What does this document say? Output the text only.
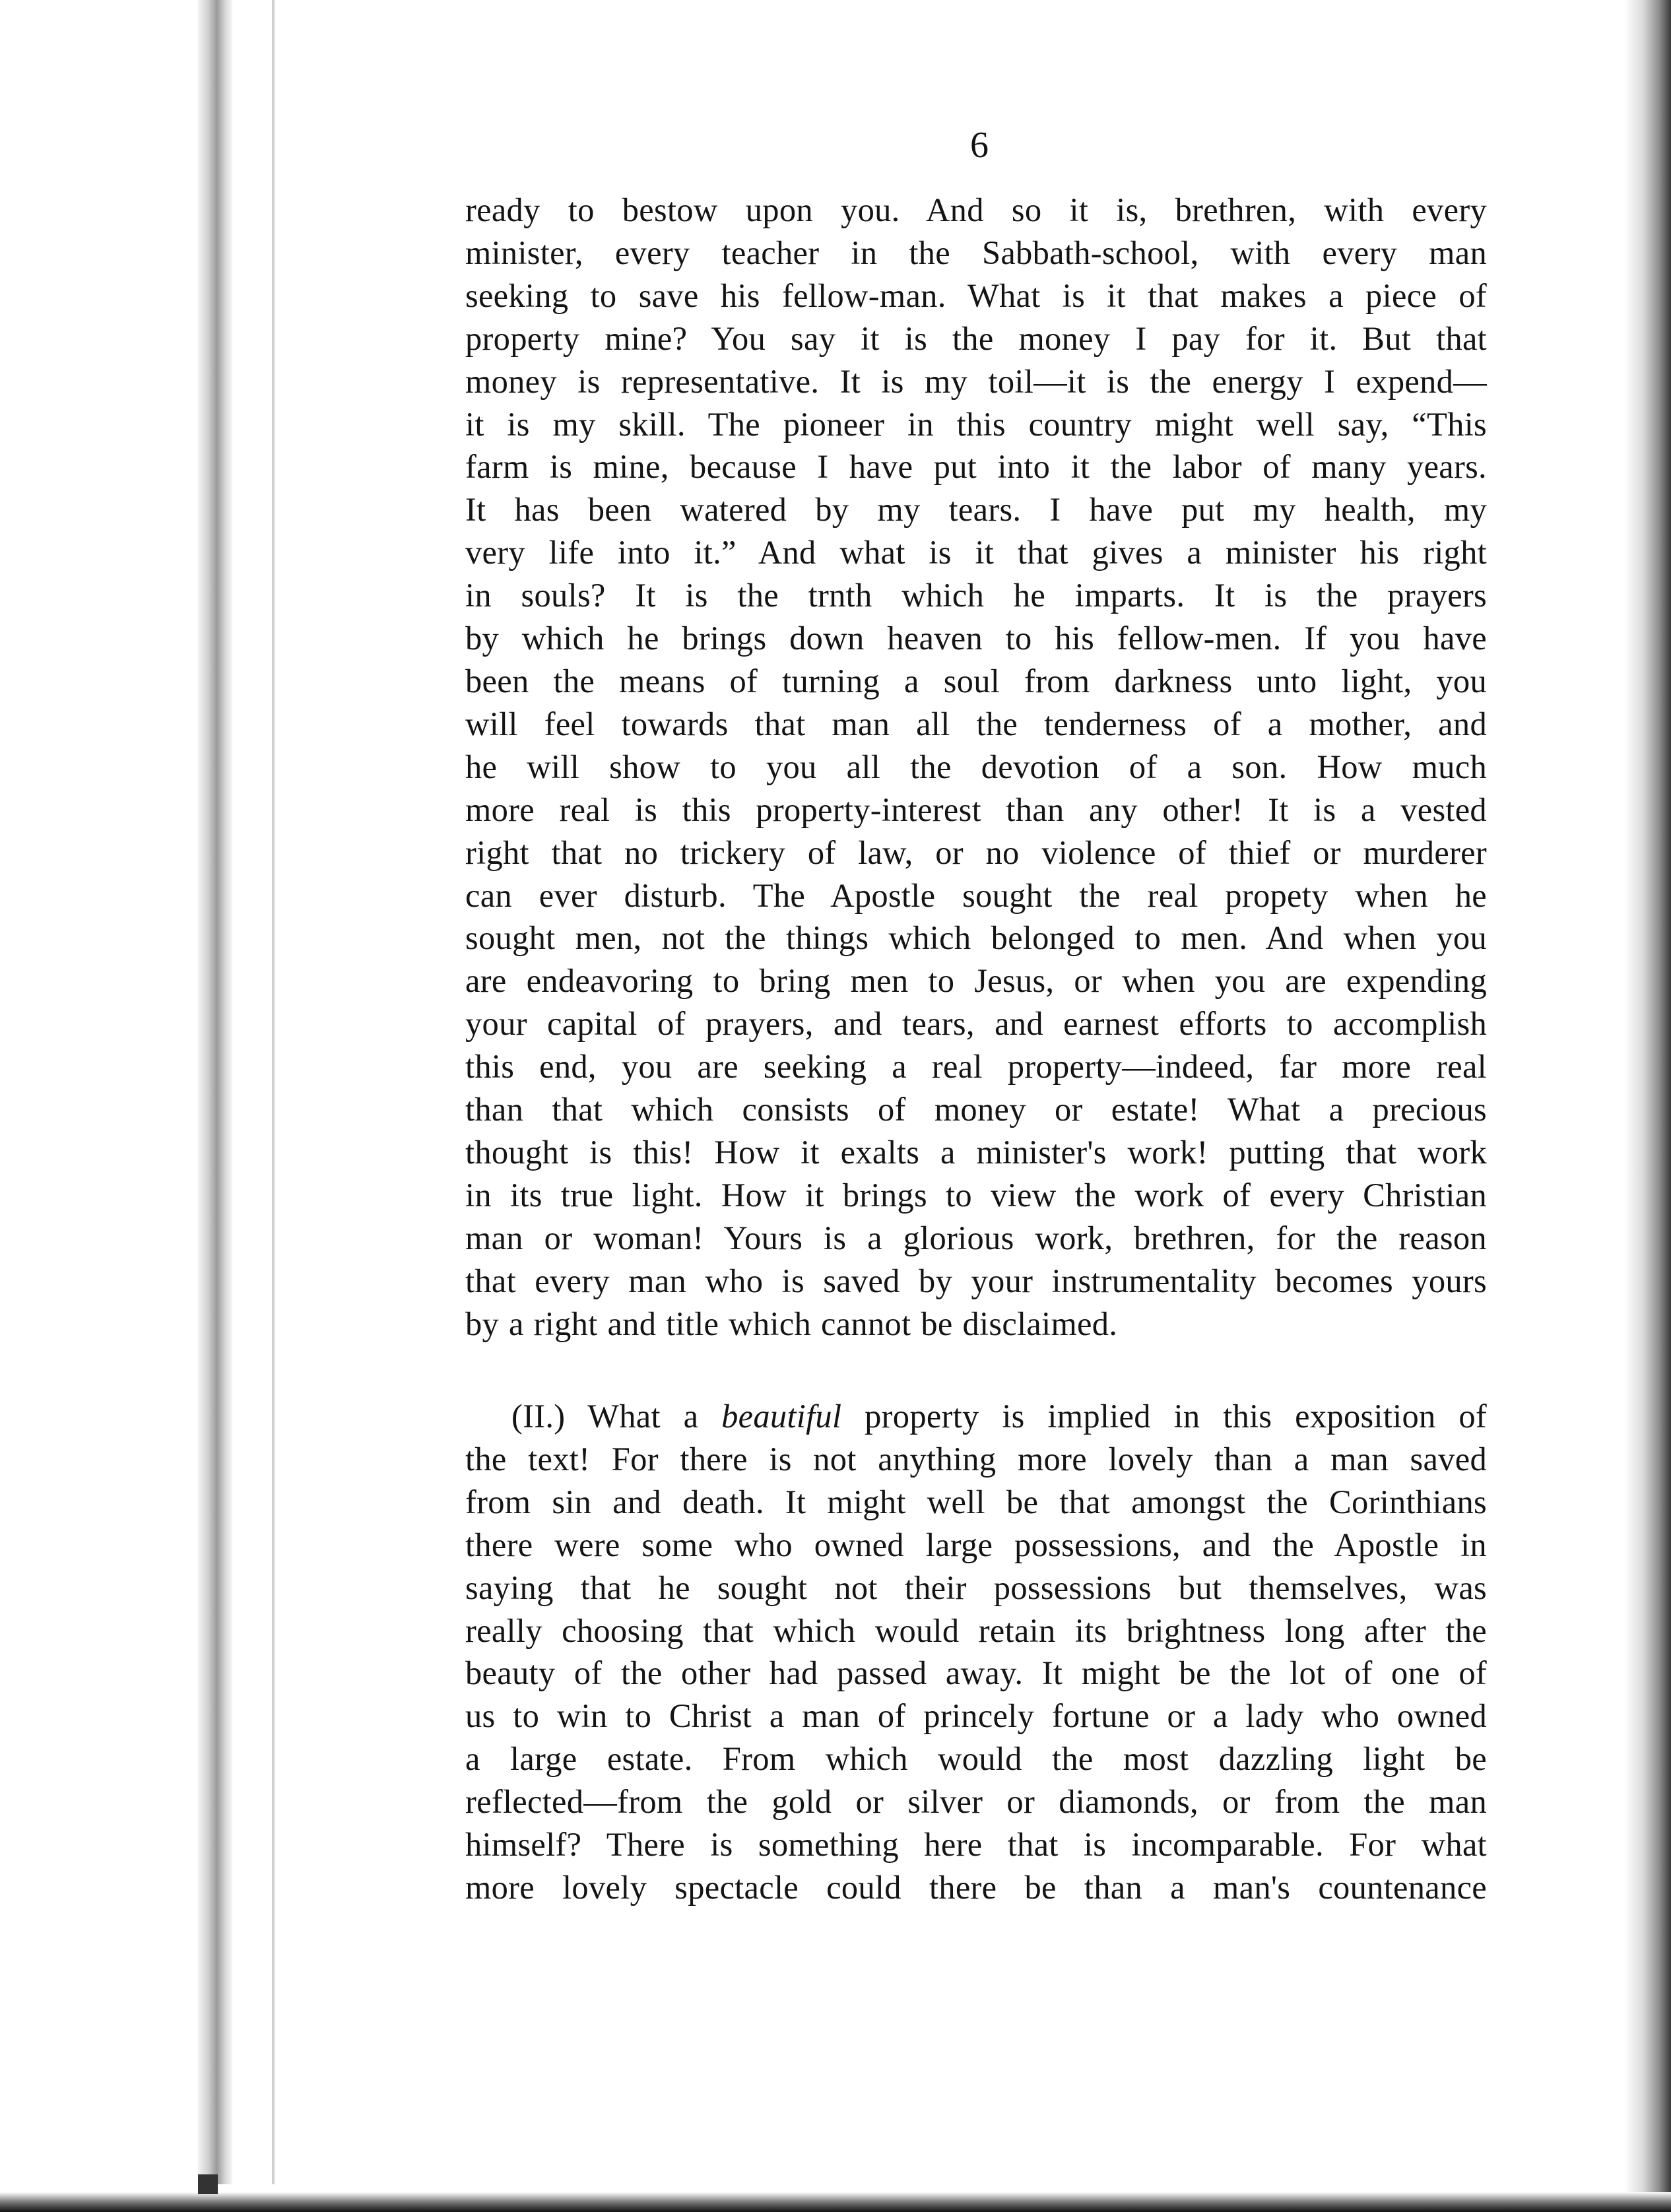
6
ready to bestow upon you. And so it is, brethren, with every
minister, every teacher in the Sabbath-school, with every man
seeking to save his fellow-man. What is it that makes a piece of
property mine? You say it is the money I pay for it. But that
money is representative. It is my toil—it is the energy I expend—
it is my skill. The pioneer in this country might well say, “This
farm is mine, because I have put into it the labor of many years.
It has been watered by my tears. I have put my health, my
very life into it.” And what is it that gives a minister his right
in souls? It is the trnth which he imparts. It is the prayers
by which he brings down heaven to his fellow-men. If you have
been the means of turning a soul from darkness unto light, you
will feel towards that man all the tenderness of a mother, and
he will show to you all the devotion of a son. How much
more real is this property-interest than any other! It is a vested
right that no trickery of law, or no violence of thief or murderer
can ever disturb. The Apostle sought the real propety when he
sought men, not the things which belonged to men. And when you
are endeavoring to bring men to Jesus, or when you are expending
your capital of prayers, and tears, and earnest efforts to accomplish
this end, you are seeking a real property—indeed, far more real
than that which consists of money or estate! What a precious
thought is this! How it exalts a minister's work! putting that work
in its true light. How it brings to view the work of every Christian
man or woman! Yours is a glorious work, brethren, for the reason
that every man who is saved by your instrumentality becomes yours
by a right and title which cannot be disclaimed.
(II.) What a beautiful property is implied in this exposition of
the text! For there is not anything more lovely than a man saved
from sin and death. It might well be that amongst the Corinthians
there were some who owned large possessions, and the Apostle in
saying that he sought not their possessions but themselves, was
really choosing that which would retain its brightness long after the
beauty of the other had passed away. It might be the lot of one of
us to win to Christ a man of princely fortune or a lady who owned
a large estate. From which would the most dazzling light be
reflected—from the gold or silver or diamonds, or from the man
himself? There is something here that is incomparable. For what
more lovely spectacle could there be than a man's countenance
